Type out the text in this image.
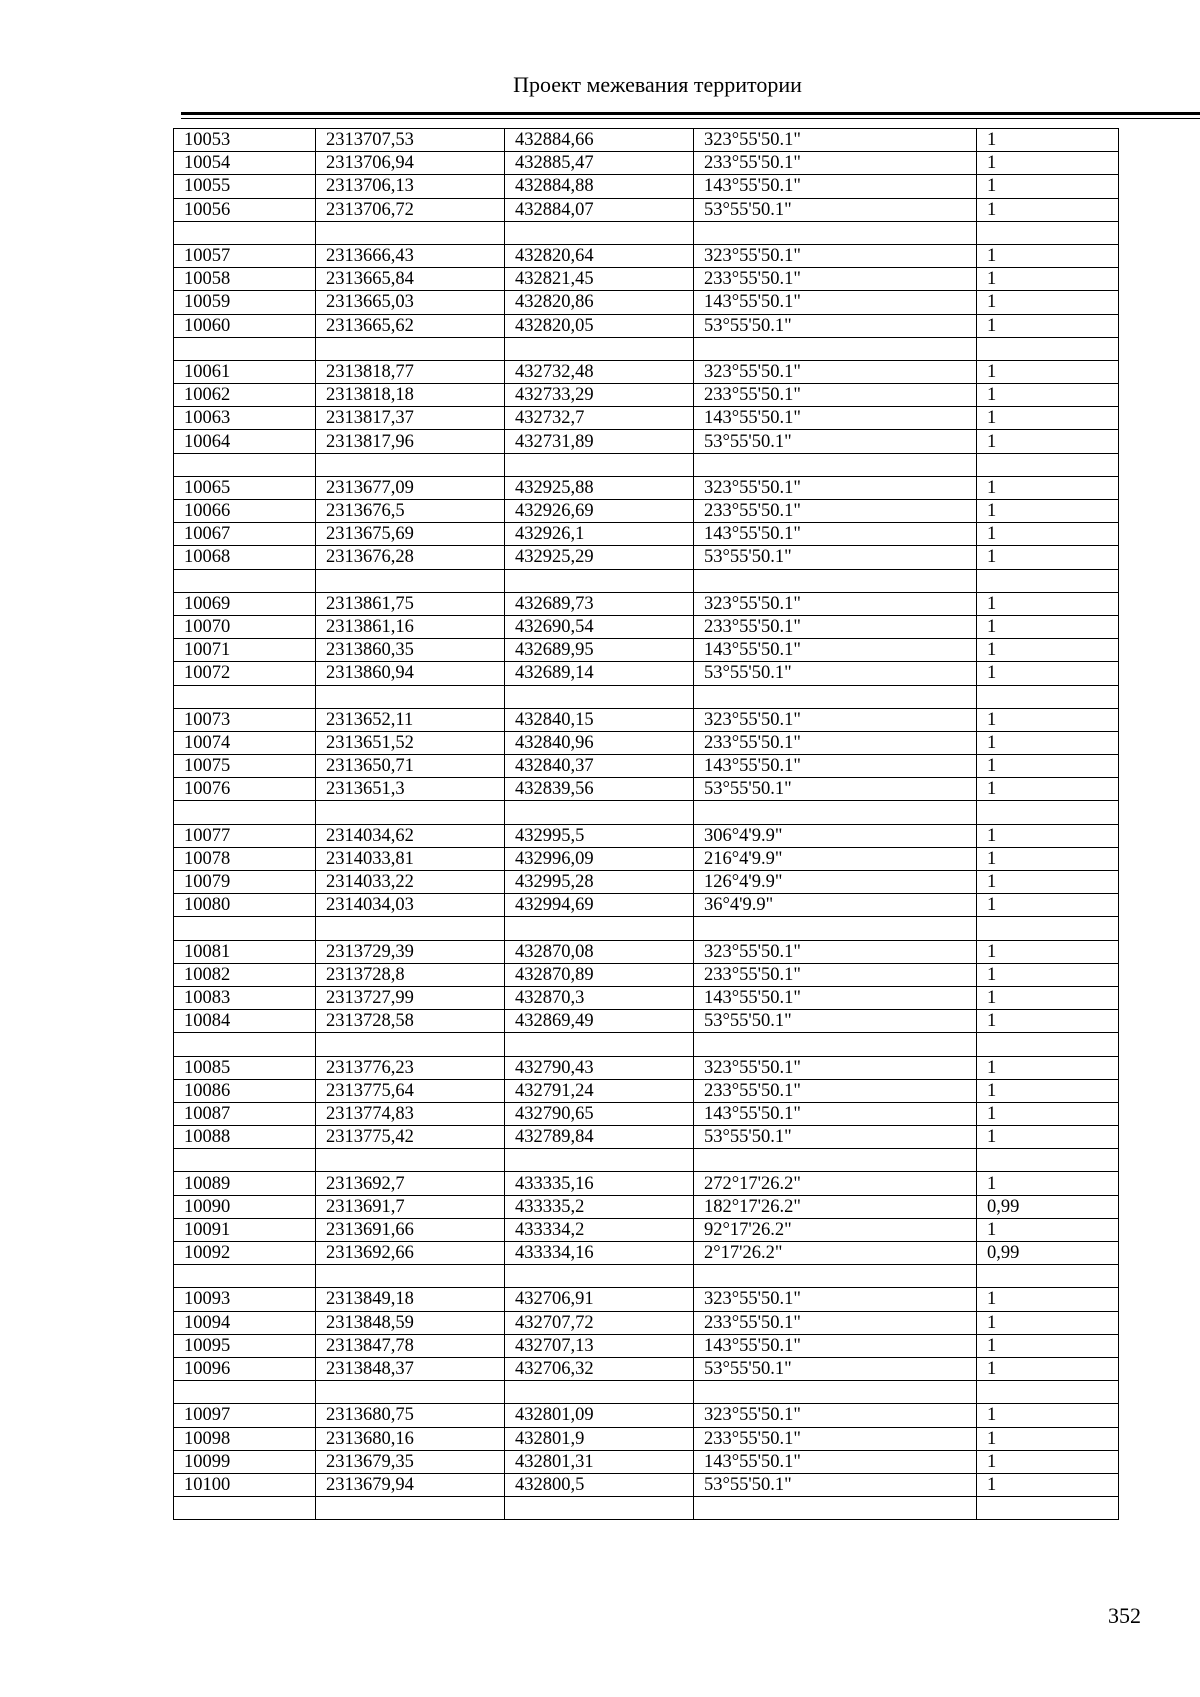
Проект межевания территории
10053	2313707,53	432884,66	323°55'50.1"	1
10054	2313706,94	432885,47	233°55'50.1"	1
10055	2313706,13	432884,88	143°55'50.1"	1
10056	2313706,72	432884,07	53°55'50.1"	1

10057	2313666,43	432820,64	323°55'50.1"	1
10058	2313665,84	432821,45	233°55'50.1"	1
10059	2313665,03	432820,86	143°55'50.1"	1
10060	2313665,62	432820,05	53°55'50.1"	1

10061	2313818,77	432732,48	323°55'50.1"	1
10062	2313818,18	432733,29	233°55'50.1"	1
10063	2313817,37	432732,7	143°55'50.1"	1
10064	2313817,96	432731,89	53°55'50.1"	1

10065	2313677,09	432925,88	323°55'50.1"	1
10066	2313676,5	432926,69	233°55'50.1"	1
10067	2313675,69	432926,1	143°55'50.1"	1
10068	2313676,28	432925,29	53°55'50.1"	1

10069	2313861,75	432689,73	323°55'50.1"	1
10070	2313861,16	432690,54	233°55'50.1"	1
10071	2313860,35	432689,95	143°55'50.1"	1
10072	2313860,94	432689,14	53°55'50.1"	1

10073	2313652,11	432840,15	323°55'50.1"	1
10074	2313651,52	432840,96	233°55'50.1"	1
10075	2313650,71	432840,37	143°55'50.1"	1
10076	2313651,3	432839,56	53°55'50.1"	1

10077	2314034,62	432995,5	306°4'9.9"	1
10078	2314033,81	432996,09	216°4'9.9"	1
10079	2314033,22	432995,28	126°4'9.9"	1
10080	2314034,03	432994,69	36°4'9.9"	1

10081	2313729,39	432870,08	323°55'50.1"	1
10082	2313728,8	432870,89	233°55'50.1"	1
10083	2313727,99	432870,3	143°55'50.1"	1
10084	2313728,58	432869,49	53°55'50.1"	1

10085	2313776,23	432790,43	323°55'50.1"	1
10086	2313775,64	432791,24	233°55'50.1"	1
10087	2313774,83	432790,65	143°55'50.1"	1
10088	2313775,42	432789,84	53°55'50.1"	1

10089	2313692,7	433335,16	272°17'26.2"	1
10090	2313691,7	433335,2	182°17'26.2"	0,99
10091	2313691,66	433334,2	92°17'26.2"	1
10092	2313692,66	433334,16	2°17'26.2"	0,99

10093	2313849,18	432706,91	323°55'50.1"	1
10094	2313848,59	432707,72	233°55'50.1"	1
10095	2313847,78	432707,13	143°55'50.1"	1
10096	2313848,37	432706,32	53°55'50.1"	1

10097	2313680,75	432801,09	323°55'50.1"	1
10098	2313680,16	432801,9	233°55'50.1"	1
10099	2313679,35	432801,31	143°55'50.1"	1
10100	2313679,94	432800,5	53°55'50.1"	1

352
